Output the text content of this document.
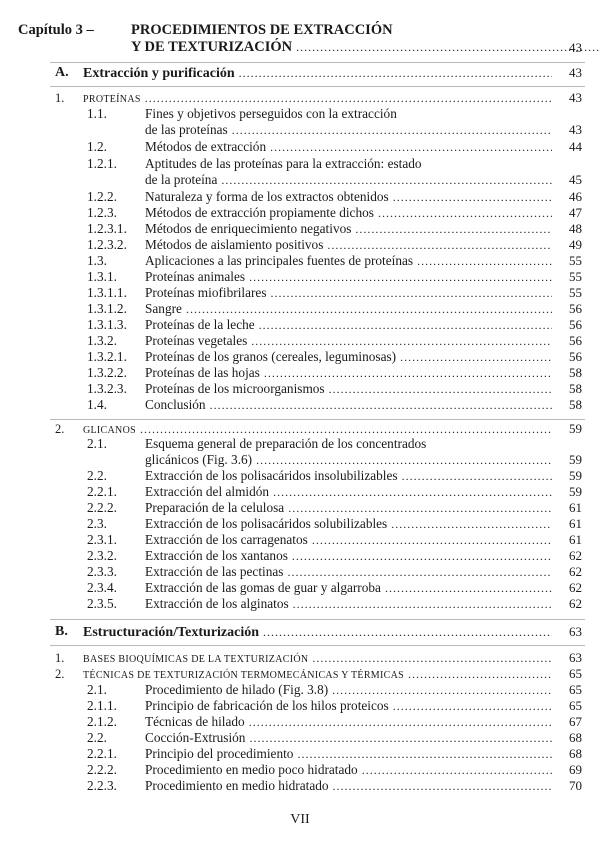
Capítulo 3 –	PROCEDIMIENTOS DE EXTRACCIÓN
Y DE TEXTURIZACIÓN .....	43
A. Extracción y purificación .....	43
1. PROTEÍNAS .....	43
1.1.	Fines y objetivos perseguidos con la extracción
de las proteínas .....	43
1.2.	Métodos de extracción .....	44
1.2.1. Aptitudes de las proteínas para la extracción: estado
de la proteína .....	45
1.2.2. Naturaleza y forma de los extractos obtenidos .....	46
1.2.3. Métodos de extracción propiamente dichos .....	47
1.2.3.1. Métodos de enriquecimiento negativos .....	48
1.2.3.2. Métodos de aislamiento positivos .....	49
1.3.	Aplicaciones a las principales fuentes de proteínas .....	55
1.3.1. Proteínas animales .....	55
1.3.1.1. Proteínas miofibrilares .....	55
1.3.1.2. Sangre .....	56
1.3.1.3. Proteínas de la leche .....	56
1.3.2. Proteínas vegetales .....	56
1.3.2.1. Proteínas de los granos (cereales, leguminosas) .....	56
1.3.2.2. Proteínas de las hojas .....	58
1.3.2.3. Proteínas de los microorganismos .....	58
1.4.	Conclusión .....	58
2. GLICANOS .....	59
2.1.	Esquema general de preparación de los concentrados
glicánicos (Fig. 3.6) .....	59
2.2.	Extracción de los polisacáridos insolubilizables .....	59
2.2.1. Extracción del almidón .....	59
2.2.2. Preparación de la celulosa .....	61
2.3.	Extracción de los polisacáridos solubilizables .....	61
2.3.1. Extracción de los carragenatos .....	61
2.3.2. Extracción de los xantanos .....	62
2.3.3. Extracción de las pectinas .....	62
2.3.4. Extracción de las gomas de guar y algarroba .....	62
2.3.5. Extracción de los alginatos .....	62
B. Estructuración/Texturización .....	63
1. BASES BIOQUÍMICAS DE LA TEXTURIZACIÓN .....	63
2. TÉCNICAS DE TEXTURIZACIÓN TERMOMECÁNICAS Y TÉRMICAS .....	65
2.1.	Procedimiento de hilado (Fig. 3.8) .....	65
2.1.1. Principio de fabricación de los hilos proteicos .....	65
2.1.2. Técnicas de hilado .....	67
2.2.	Cocción-Extrusión .....	68
2.2.1. Principio del procedimiento .....	68
2.2.2. Procedimiento en medio poco hidratado .....	69
2.2.3. Procedimiento en medio hidratado .....	70
VII
